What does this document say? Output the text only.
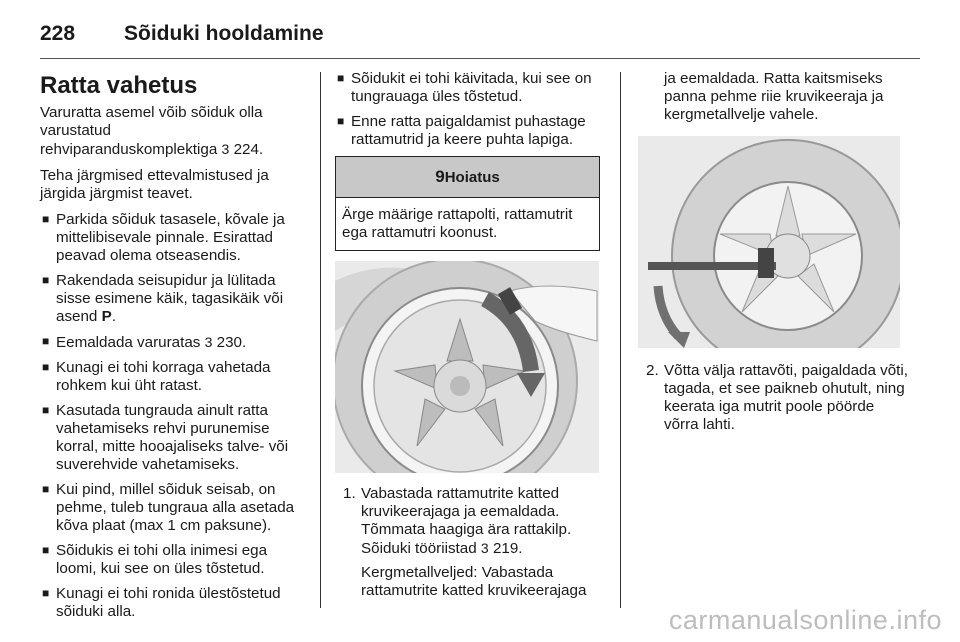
228 Sõiduki hooldamine
Ratta vahetus

Varuratta asemel võib sõiduk olla
varustatud
rehviparanduskomplektiga 3 224.

Teha järgmised ettevalmistused ja järgida järgmist teavet.

■ Parkida sõiduk tasasele, kõvale ja mittelibisevale pinnale. Esirattad peavad olema otseasendis.
■ Rakendada seisupidur ja lülitada sisse esimene käik, tagasikäik või asend P.
■ Eemaldada varuratas 3 230.
■ Kunagi ei tohi korraga vahetada rohkem kui üht ratast.
■ Kasutada tungrauda ainult ratta vahetamiseks rehvi purunemise korral, mitte hooajaliseks talve- või suverehvide vahetamiseks.
■ Kui pind, millel sõiduk seisab, on pehme, tuleb tungraua alla asetada kõva plaat (max 1 cm paksune).
■ Sõidukis ei tohi olla inimesi ega loomi, kui see on üles tõstetud.
■ Kunagi ei tohi ronida ülestõstetud sõiduki alla.
■ Sõidukit ei tohi käivitada, kui see on tungrauaga üles tõstetud.
■ Enne ratta paigaldamist puhastage rattamutrid ja keere puhta lapiga.
9Hoiatus
Ärge määrige rattapolti, rattamutrit ega rattamutri koonust.
1. Vabastada rattamutrite katted kruvikeerajaga ja eemaldada. Tõmmata haagiga ära rattakilp. Sõiduki tööriistad 3 219.

Kergmetallveljed: Vabastada rattamutrite katted kruvikeerajaga

ja eemaldada. Ratta kaitsmiseks panna pehme riie kruvikeeraja ja kergmetallvelje vahele.

2. Võtta välja rattavõti, paigaldada võti, tagada, et see paikneb ohutult, ning keerata iga mutrit poole pöörde võrra lahti.

carmanualsonline.info
